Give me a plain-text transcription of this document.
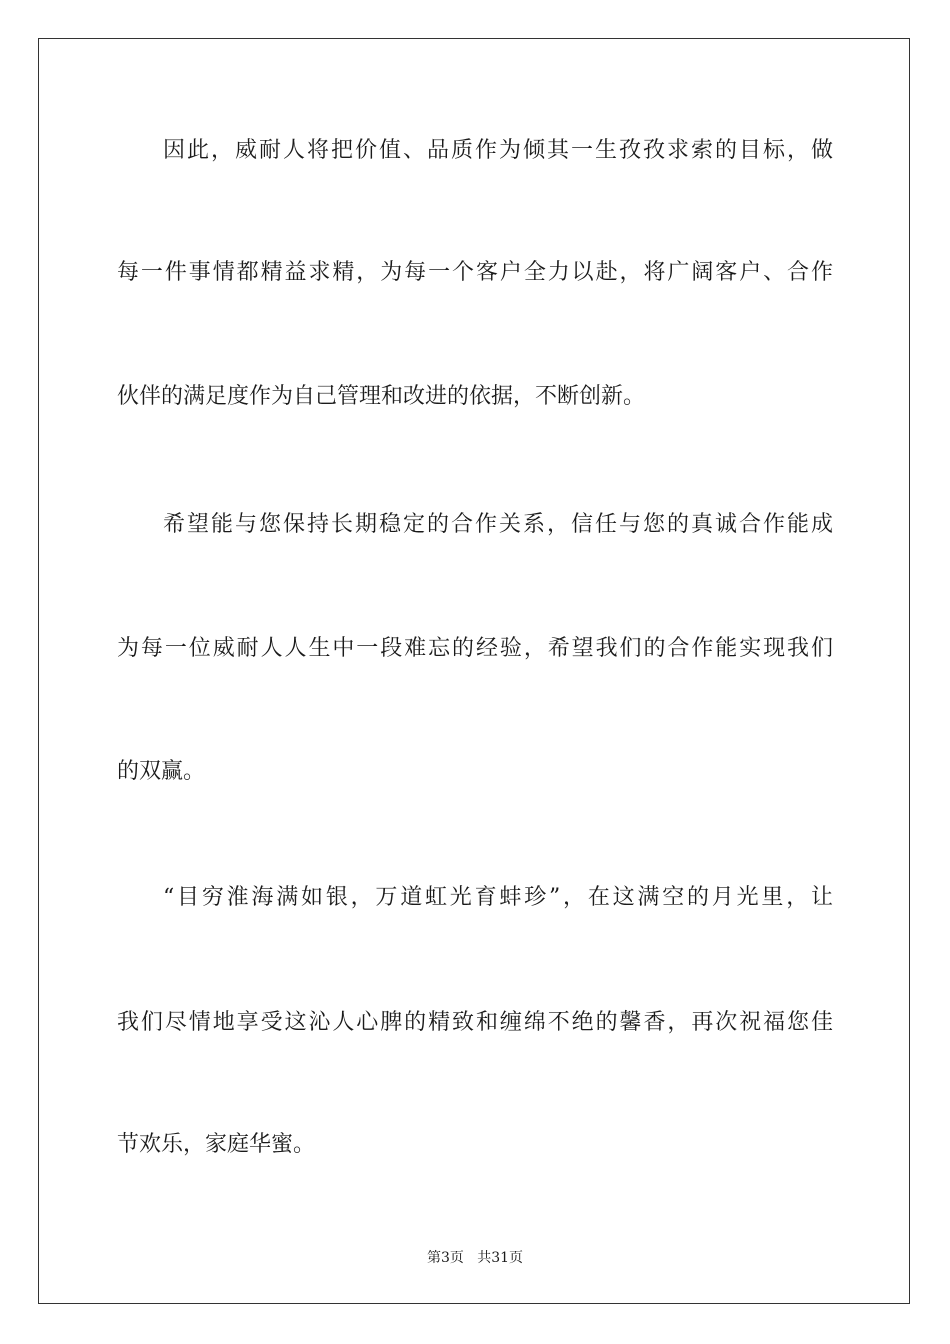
因此，威耐人将把价值、品质作为倾其一生孜孜求索的目标，做
每一件事情都精益求精，为每一个客户全力以赴，将广阔客户、合作
伙伴的满足度作为自己管理和改进的依据，不断创新。
希望能与您保持长期稳定的合作关系，信任与您的真诚合作能成
为每一位威耐人人生中一段难忘的经验，希望我们的合作能实现我们
的双赢。
“目穷淮海满如银，万道虹光育蚌珍”，在这满空的月光里，让
我们尽情地享受这沁人心脾的精致和缠绵不绝的馨香，再次祝福您佳
节欢乐，家庭华蜜。
第3页   共31页
